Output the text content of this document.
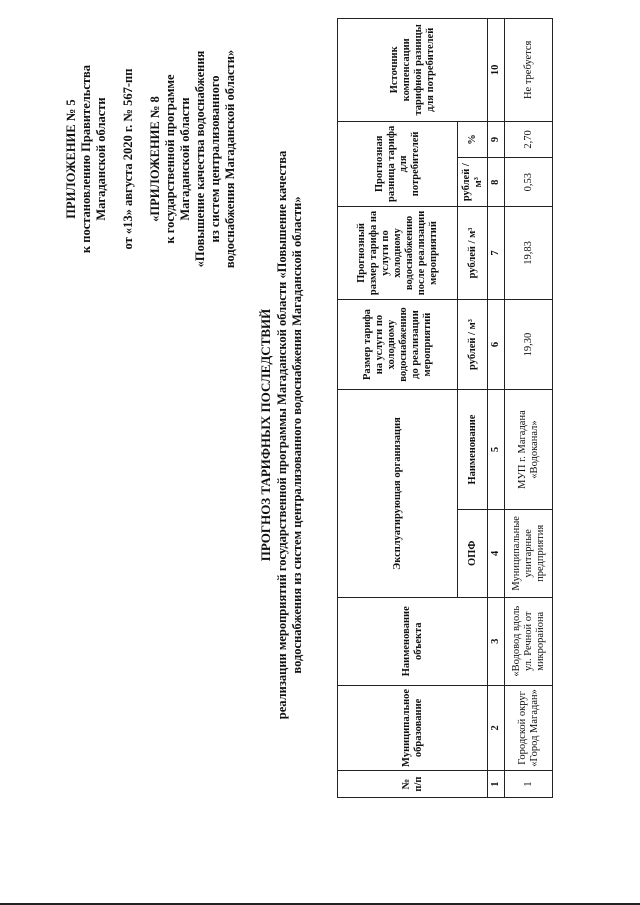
ПРИЛОЖЕНИЕ № 5 к постановлению Правительства Магаданской области от «13» августа 2020 г. № 567-пп «ПРИЛОЖЕНИЕ № 8 к государственной программе Магаданской области «Повышение качества водоснабжения из систем централизованного водоснабжения Магаданской области»

ПРОГНОЗ ТАРИФНЫХ ПОСЛЕДСТВИЙ реализации мероприятий государственной программы Магаданской области «Повышение качества водоснабжения из систем централизованного водоснабжения Магаданской области»

№ п/п	Муниципальное образование	Наименование объекта	Эксплуатирующая организация		Размер тарифа на услуги по холодному водоснабжению до реализации мероприятий	Прогнозный размер тарифа на услуги по холодному водоснабжению после реализации мероприятий	Прогнозная разница тарифа для потребителей		Источник компенсации тарифной разницы для потребителей
			ОПФ	Наименование	рублей / м³	рублей / м³	рублей /м³	%	
1	2	3	4	5	6	7	8	9	10
1	Городской округ «Город Магадан»	«Водовод вдоль ул. Речной от микрорайона	Муниципальные унитарные предприятия	МУП г. Магадана «Водоканал»	19,30	19,83	0,53	2,70	Не требуется
